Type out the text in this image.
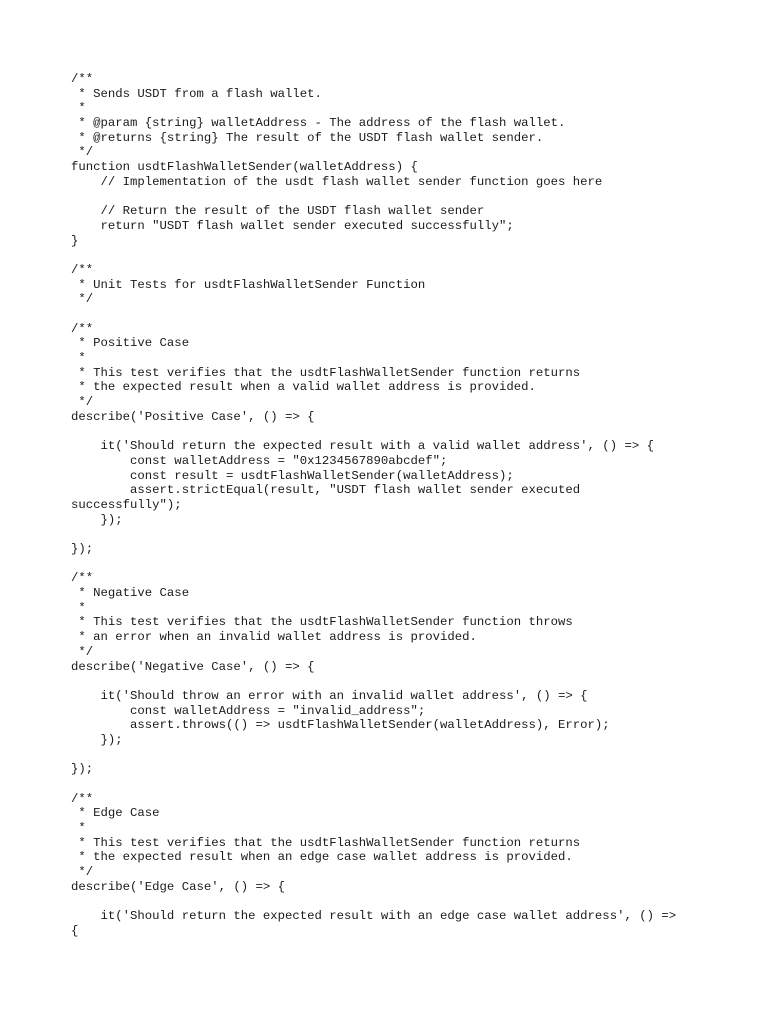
/**
* Sends USDT from a flash wallet.
*
* @param {string} walletAddress - The address of the flash wallet.
* @returns {string} The result of the USDT flash wallet sender.
*/
function usdtFlashWalletSender(walletAddress) {
// Implementation of the usdt flash wallet sender function goes here
// Return the result of the USDT flash wallet sender
return "USDT flash wallet sender executed successfully";
}
/**
* Unit Tests for usdtFlashWalletSender Function
*/
/**
* Positive Case
*
* This test verifies that the usdtFlashWalletSender function returns
* the expected result when a valid wallet address is provided.
*/
describe('Positive Case', () => {
it('Should return the expected result with a valid wallet address', () => {
const walletAddress = "0x1234567890abcdef";
const result = usdtFlashWalletSender(walletAddress);
assert.strictEqual(result, "USDT flash wallet sender executed
successfully");
});
});
/**
* Negative Case
*
* This test verifies that the usdtFlashWalletSender function throws
* an error when an invalid wallet address is provided.
*/
describe('Negative Case', () => {
it('Should throw an error with an invalid wallet address', () => {
const walletAddress = "invalid_address";
assert.throws(() => usdtFlashWalletSender(walletAddress), Error);
});
});
/**
* Edge Case
*
* This test verifies that the usdtFlashWalletSender function returns
* the expected result when an edge case wallet address is provided.
*/
describe('Edge Case', () => {
it('Should return the expected result with an edge case wallet address', () =>
{
